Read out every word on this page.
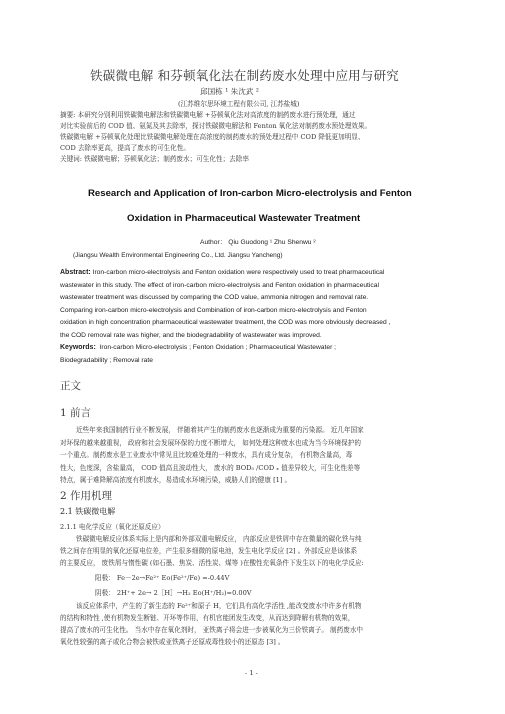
铁碳微电解 和芬顿氧化法在制药废水处理中应用与研究
邱国栋 ¹ 朱沈武 ²
(江苏维尔思环境工程有限公司, 江苏盐城)
摘要: 本研究分别利用铁碳微电解法和铁碳微电解 +芬顿氧化法对高浓度的制药废水进行预处理，通过
对比实验前后的 COD 值、氨氮及其去除率，探讨铁碳微电解法和 Fenton 氧化法对制药废水预处理效果。
铁碳微电解 +芬顿氧化处理比铁碳微电解处理在高浓度的制药废水的预处理过程中 COD 降低更加明显、
COD 去除率更高，提高了废水的可生化性。
关键词: 铁碳微电解；芬顿氧化法；制药废水；可生化性；去除率
Research and Application of Iron-carbon Micro-electrolysis and Fenton
Oxidation in Pharmaceutical Wastewater Treatment
Author： Qiu Guodong ¹ Zhu Shenwu ²
(Jiangsu Wealth Environmental Engineering Co., Ltd. Jiangsu Yancheng)
Abstract: Iron-carbon micro-electrolysis and Fenton oxidation were respectively used to treat pharmaceutical
wastewater in this study. The effect of iron-carbon micro-electrolysis and Fenton oxidation in pharmaceutical
wastewater treatment was discussed by comparing the COD value, ammonia nitrogen and removal rate.
Comparing iron-carbon micro-electrolysis and Combination of iron-carbon micro-electrolysis and Fenton
oxidation in high concentration pharmaceutical wastewater treatment, the COD was more obviously decreased ,
the COD removal rate was higher, and the biodegradability of wastewater was improved.
Keywords: Iron-carbon Micro-electrolysis ; Fenton Oxidation ; Pharmaceutical Wastewater ;
Biodegradability ; Removal rate
正文
1 前言
近些年来我国制药行业不断发展， 伴随着其产生的制药废水也逐渐成为重要的污染源。 近几年国家
对环保的越来越重视， 政府和社会发展环保的力度不断增大， 如何处理这种废水也成为当今环境保护的
一个重点。制药废水是工业废水中常见且比较难处理的一种废水，具有成分复杂， 有机物含量高，毒
性大，色度深，含盐量高， COD 值高且波动性大， 废水的 BOD₅ /COD ₓ 值差异较大，可生化性差等
特点，属于难降解高浓度有机废水，易造成水环境污染，威胁人们的健康 [1] 。
2 作用机理
2.1 铁碳微电解
2.1.1 电化学反应（氧化还原反应）
铁碳微电解反应体系实际上是内部和外部双重电解反应， 内部反应是铁屑中存在微量的碳化铁与纯
铁之间存在明显的氧化还原电位差，产生很多细微的原电池，发生电化学反应 [2] 。外部反应是该体系
的主要反应， 废铁屑与惰性碳 (如石墨、焦炭、活性炭、煤等 )在酸性充氧条件下发生以下的电化学反应:
阳极： Fe－2e→Fe²⁺ Eo(Fe²⁺/Fe) =-0.44V
阴极： 2H⁺+ 2e→ 2［H］→H₂ Eo(H⁺/H₂)=0.00V
该反应体系中，产生的了新生态的 Fe²⁺和原子 H，它们具有高化学活性 ,能改变废水中许多有机物
的结构和特性 ,使有机物发生断链、开环等作用，有机官能团发生改变，从而达到降解有机物的效果，
提高了废水的可生化性。 当水中存在氧化剂时， 亚铁离子将会进一步被氧化为三价铁离子。 制药废水中
氧化性较强的离子或化合物会被铁或亚铁离子还原成毒性较小的还原态 [3] 。
- 1 -
